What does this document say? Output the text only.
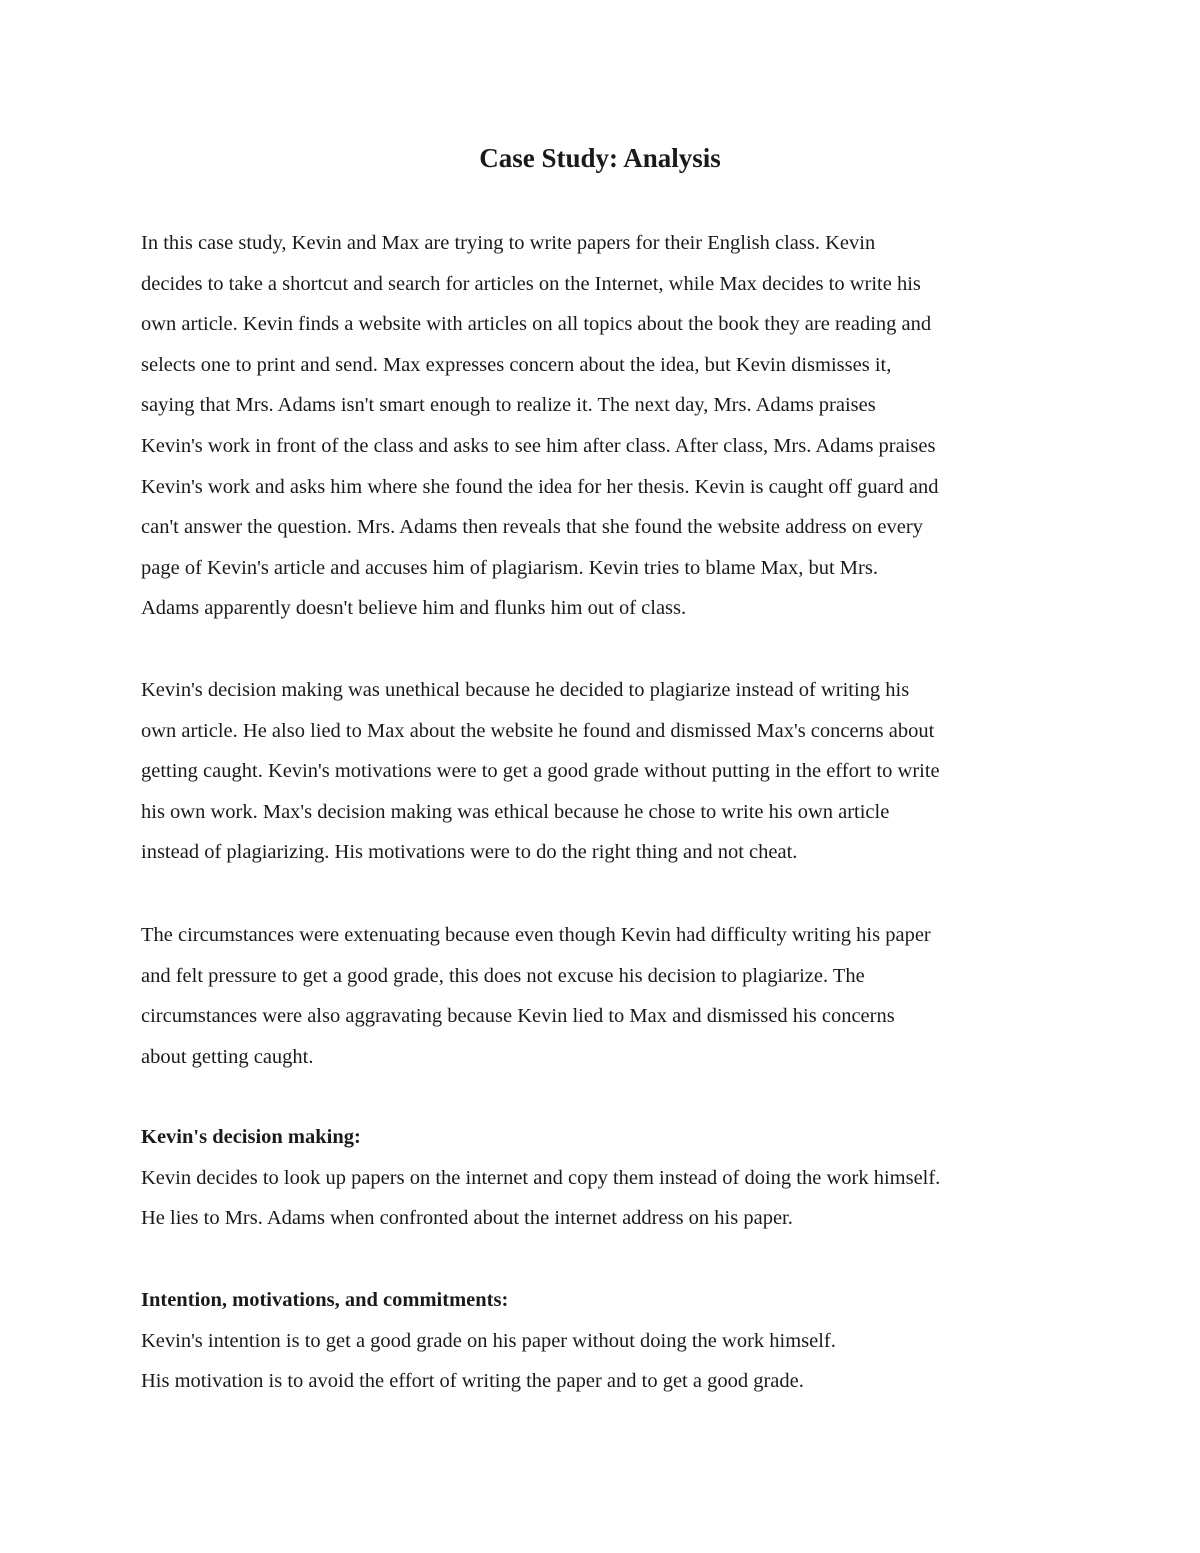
Case Study: Analysis
In this case study, Kevin and Max are trying to write papers for their English class. Kevin
decides to take a shortcut and search for articles on the Internet, while Max decides to write his
own article. Kevin finds a website with articles on all topics about the book they are reading and
selects one to print and send. Max expresses concern about the idea, but Kevin dismisses it,
saying that Mrs. Adams isn't smart enough to realize it. The next day, Mrs. Adams praises
Kevin's work in front of the class and asks to see him after class. After class, Mrs. Adams praises
Kevin's work and asks him where she found the idea for her thesis. Kevin is caught off guard and
can't answer the question. Mrs. Adams then reveals that she found the website address on every
page of Kevin's article and accuses him of plagiarism. Kevin tries to blame Max, but Mrs.
Adams apparently doesn't believe him and flunks him out of class.
Kevin's decision making was unethical because he decided to plagiarize instead of writing his
own article. He also lied to Max about the website he found and dismissed Max's concerns about
getting caught. Kevin's motivations were to get a good grade without putting in the effort to write
his own work. Max's decision making was ethical because he chose to write his own article
instead of plagiarizing. His motivations were to do the right thing and not cheat.
The circumstances were extenuating because even though Kevin had difficulty writing his paper
and felt pressure to get a good grade, this does not excuse his decision to plagiarize. The
circumstances were also aggravating because Kevin lied to Max and dismissed his concerns
about getting caught.
Kevin's decision making:
Kevin decides to look up papers on the internet and copy them instead of doing the work himself.
He lies to Mrs. Adams when confronted about the internet address on his paper.
Intention, motivations, and commitments:
Kevin's intention is to get a good grade on his paper without doing the work himself.
His motivation is to avoid the effort of writing the paper and to get a good grade.
